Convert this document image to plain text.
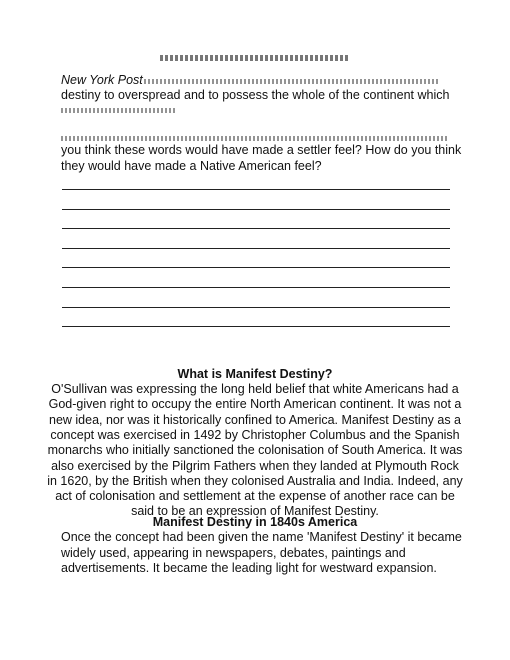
New York Post
destiny to overspread and to possess the whole of the continent which
you think these words would have made a settler feel? How do you think
they would have made a Native American feel?
What is Manifest Destiny?
O'Sullivan was expressing the long held belief that white Americans had a
God-given right to occupy the entire North American continent. It was not a
new idea, nor was it historically confined to America. Manifest Destiny as a
concept was exercised in 1492 by Christopher Columbus and the Spanish
monarchs who initially sanctioned the colonisation of South America. It was
also exercised by the Pilgrim Fathers when they landed at Plymouth Rock
in 1620, by the British when they colonised Australia and India. Indeed, any
act of colonisation and settlement at the expense of another race can be
said to be an expression of Manifest Destiny.
Manifest Destiny in 1840s America
Once the concept had been given the name 'Manifest Destiny' it became
widely used, appearing in newspapers, debates, paintings and
advertisements. It became the leading light for westward expansion.
